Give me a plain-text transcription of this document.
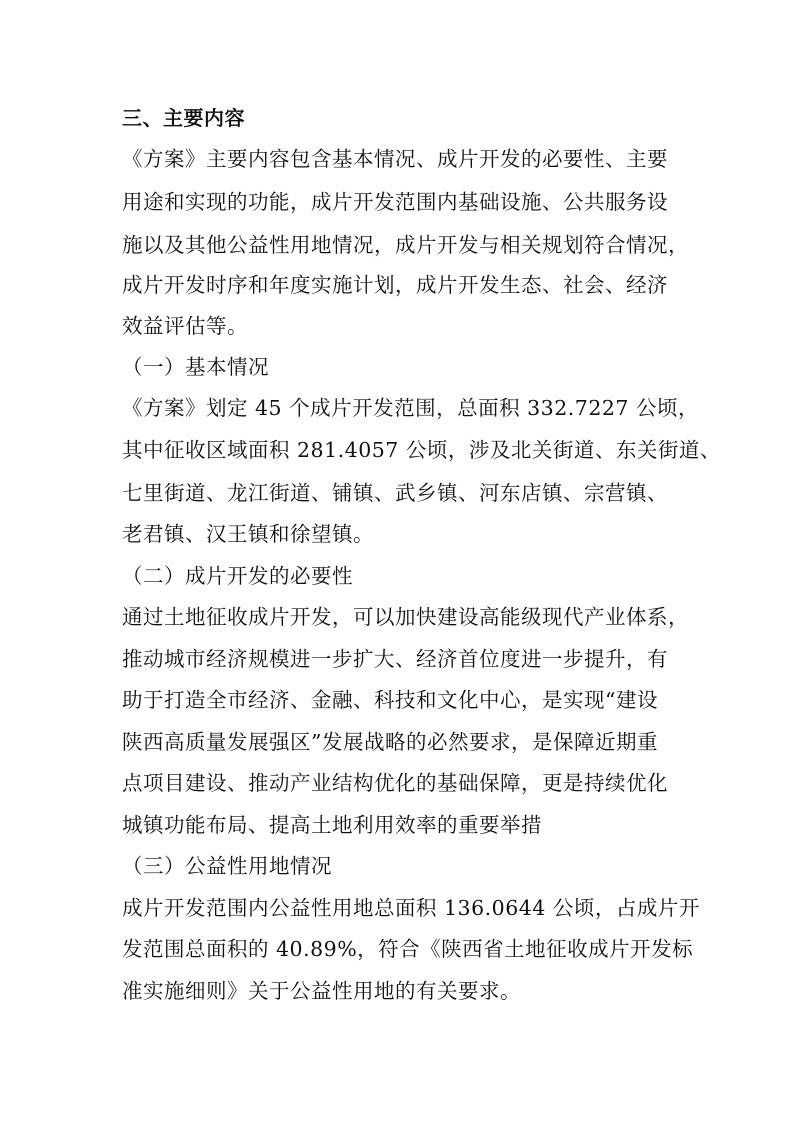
三、主要内容
《方案》主要内容包含基本情况、成片开发的必要性、主要
用途和实现的功能，成片开发范围内基础设施、公共服务设
施以及其他公益性用地情况，成片开发与相关规划符合情况，
成片开发时序和年度实施计划，成片开发生态、社会、经济
效益评估等。
（一）基本情况
《方案》划定 45 个成片开发范围，总面积 332.7227 公顷，
其中征收区域面积 281.4057 公顷，涉及北关街道、东关街道、
七里街道、龙江街道、铺镇、武乡镇、河东店镇、宗营镇、
老君镇、汉王镇和徐望镇。
（二）成片开发的必要性
通过土地征收成片开发，可以加快建设高能级现代产业体系，
推动城市经济规模进一步扩大、经济首位度进一步提升，有
助于打造全市经济、金融、科技和文化中心，是实现“建设
陕西高质量发展强区”发展战略的必然要求，是保障近期重
点项目建设、推动产业结构优化的基础保障，更是持续优化
城镇功能布局、提高土地利用效率的重要举措
（三）公益性用地情况
成片开发范围内公益性用地总面积 136.0644 公顷，占成片开
发范围总面积的 40.89%，符合《陕西省土地征收成片开发标
准实施细则》关于公益性用地的有关要求。
